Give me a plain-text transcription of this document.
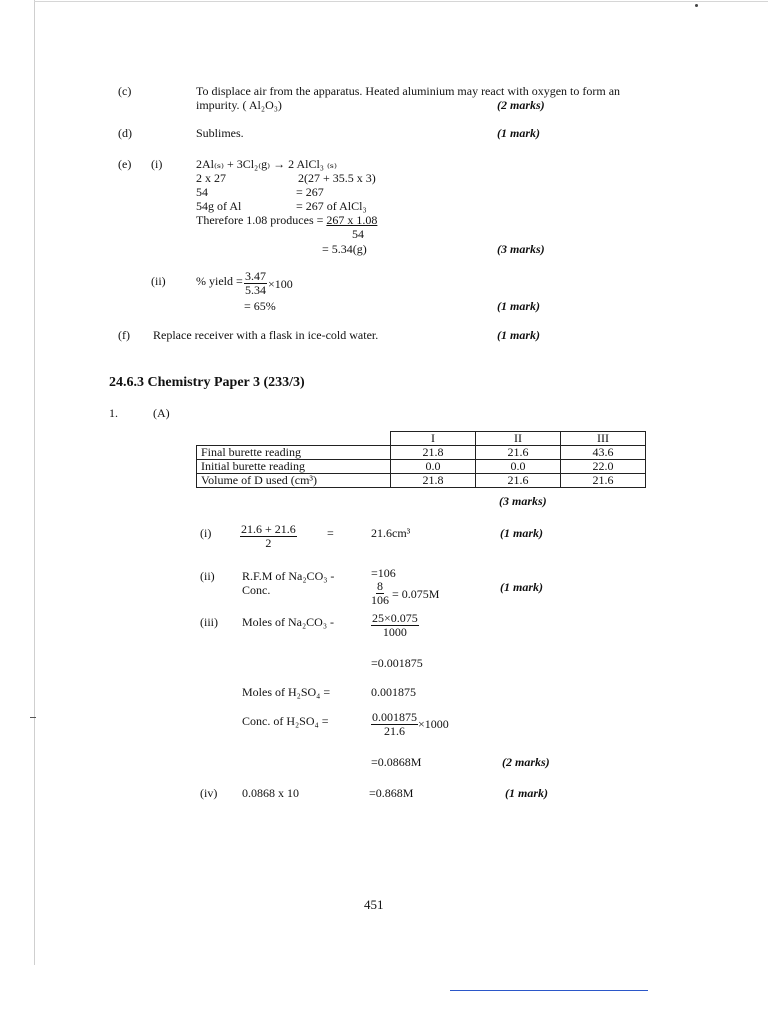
(c)	To displace air from the apparatus. Heated aluminium may react with oxygen to form an
impurity. ( Al₂O₃)	(2 marks)
(d)	Sublimes.	(1 mark)
(e) (i)	2Al₍ₛ₎ + 3Cl₂₍g₎ → 2 AlCl₃ ₍ₛ₎
2 x 27	2(27 + 35.5 x 3)
54	= 267
54g of Al	= 267 of AlCl₃
Therefore 1.08 produces = 267 x 1.08
54
= 5.34(g)	(3 marks)
(ii)	% yield = $\frac{3.47}{5.34} \times 100$
= 65%	(1 mark)
(f) Replace receiver with a flask in ice-cold water.	(1 mark)
24.6.3 Chemistry Paper 3 (233/3)
1.	(A)
	I	II	III
Final burette reading	21.8	21.6	43.6
Initial burette reading	0.0	0.0	22.0
Volume of D used (cm³)	21.8	21.6	21.6
(3 marks)
$(i) \frac{21.6 + 21.6}{2}$	=	21.6cm³	(1 mark)
(ii) R.F.M of Na₂CO₃ -	=106
Conc.	$\frac{8}{106} = 0.075M$	(1 mark)
(iii) Moles of Na₂CO₃ -	$\frac{25\times 0.075}{1000}$
=0.001875
Moles of H₂SO₄ =	0.001875
Conc. of H₂SO₄ =	$\frac{0.001875}{21.6} \times 1000$
=0.0868M	(2 marks)
(iv) 0.0868 x 10	=0.868M	(1 mark)
451
